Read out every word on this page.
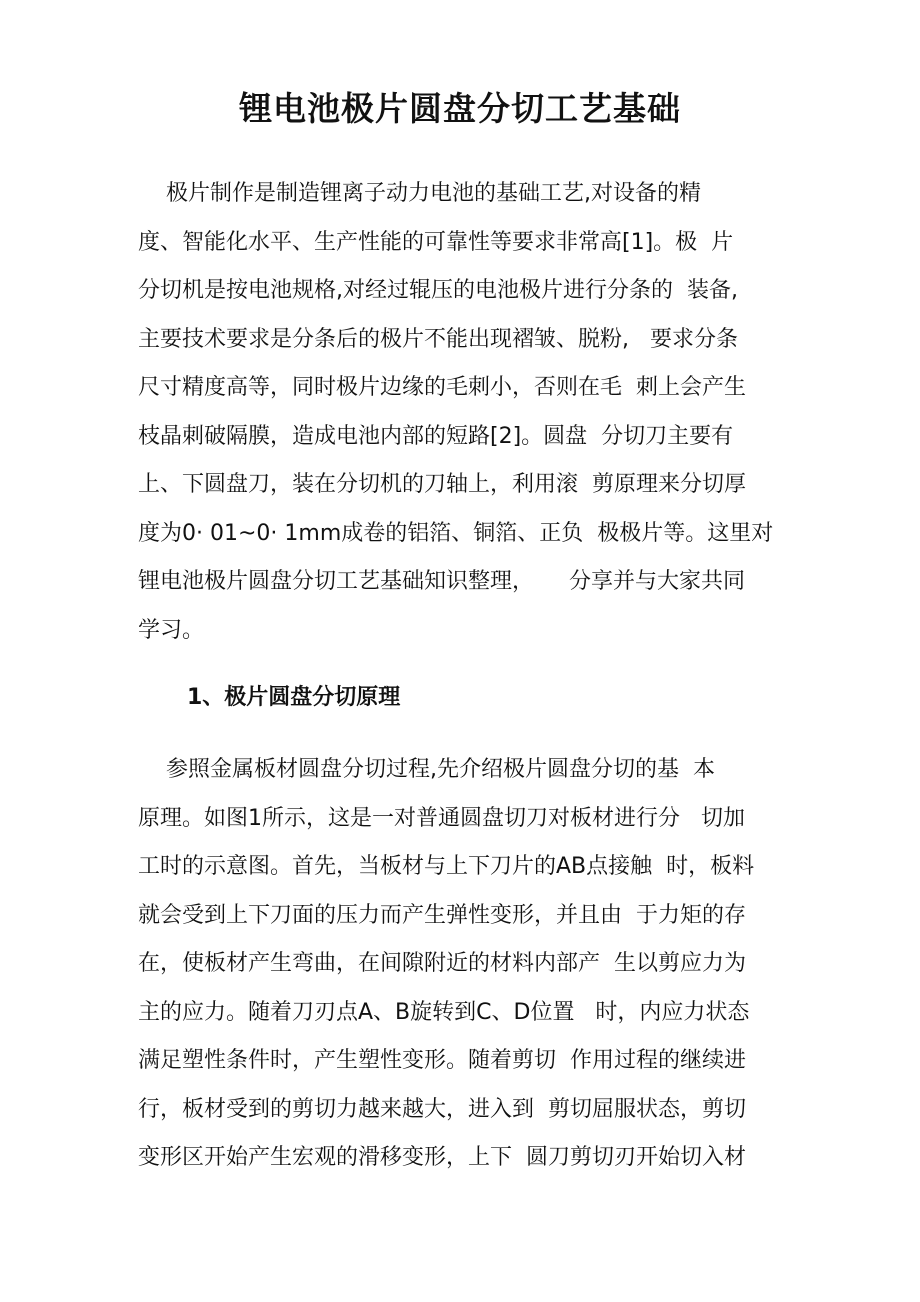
锂电池极片圆盘分切工艺基础

极片制作是制造锂离子动力电池的基础工艺,对设备的精
度、智能化水平、生产性能的可靠性等要求非常高[1]。极  片
分切机是按电池规格,对经过辊压的电池极片进行分条的  装备,
主要技术要求是分条后的极片不能出现褶皱、脱粉,   要求分条
尺寸精度高等，同时极片边缘的毛刺小，否则在毛  刺上会产生
枝晶刺破隔膜，造成电池内部的短路[2]。圆盘  分切刀主要有
上、下圆盘刀，装在分切机的刀轴上，利用滚  剪原理来分切厚
度为0· 01~0· 1mm成卷的铝箔、铜箔、正负  极极片等。这里对
锂电池极片圆盘分切工艺基础知识整理，     分享并与大家共同
学习。

1、极片圆盘分切原理

参照金属板材圆盘分切过程,先介绍极片圆盘分切的基  本
原理。如图1所示，这是一对普通圆盘切刀对板材进行分   切加
工时的示意图。首先，当板材与上下刀片的AB点接触  时，板料
就会受到上下刀面的压力而产生弹性变形，并且由  于力矩的存
在，使板材产生弯曲，在间隙附近的材料内部产  生以剪应力为
主的应力。随着刀刃点A、B旋转到C、D位置   时，内应力状态
满足塑性条件时，产生塑性变形。随着剪切  作用过程的继续进
行，板材受到的剪切力越来越大，进入到  剪切屈服状态，剪切
变形区开始产生宏观的滑移变形，上下  圆刀剪切刃开始切入材
